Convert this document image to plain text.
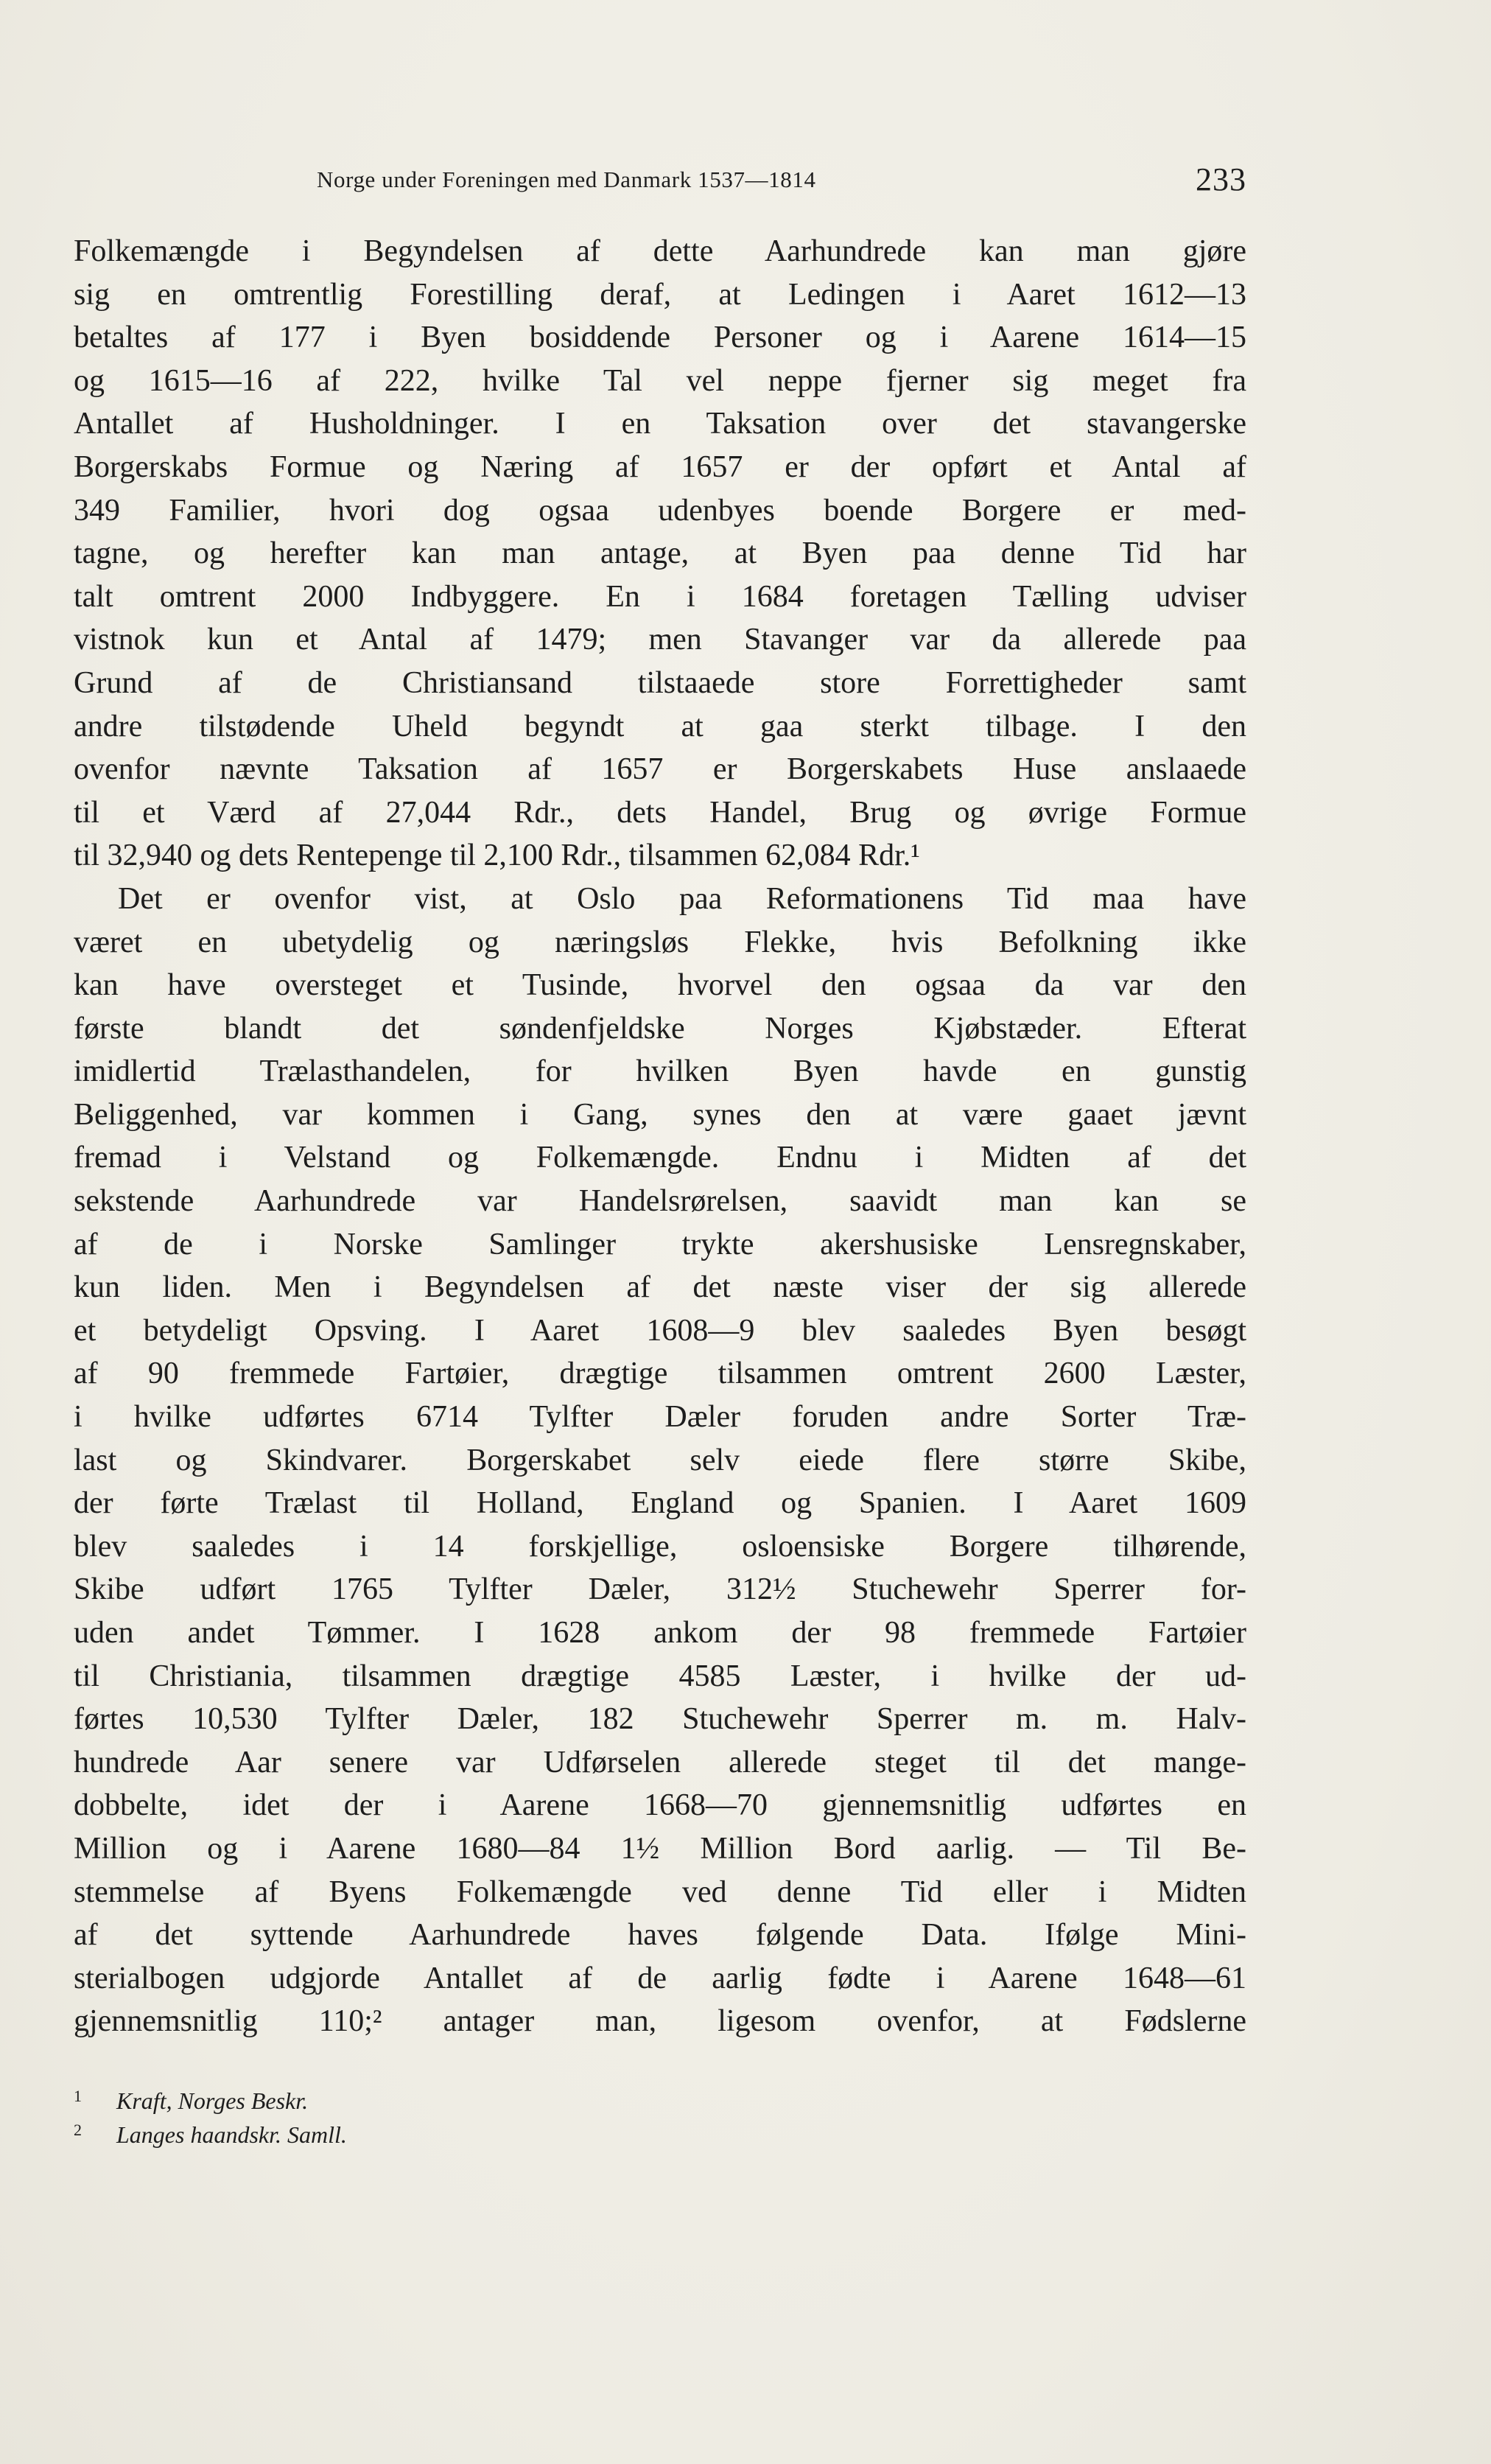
Norge under Foreningen med Danmark 1537—1814	233
Folkemængde i Begyndelsen af dette Aarhundrede kan man gjøre
sig en omtrentlig Forestilling deraf, at Ledingen i Aaret 1612—13
betaltes af 177 i Byen bosiddende Personer og i Aarene 1614—15
og 1615—16 af 222, hvilke Tal vel neppe fjerner sig meget fra
Antallet af Husholdninger. I en Taksation over det stavangerske
Borgerskabs Formue og Næring af 1657 er der opført et Antal af
349 Familier, hvori dog ogsaa udenbyes boende Borgere er med-
tagne, og herefter kan man antage, at Byen paa denne Tid har
talt omtrent 2000 Indbyggere. En i 1684 foretagen Tælling udviser
vistnok kun et Antal af 1479; men Stavanger var da allerede paa
Grund af de Christiansand tilstaaede store Forrettigheder samt
andre tilstødende Uheld begyndt at gaa sterkt tilbage. I den
ovenfor nævnte Taksation af 1657 er Borgerskabets Huse anslaaede
til et Værd af 27,044 Rdr., dets Handel, Brug og øvrige Formue
til 32,940 og dets Rentepenge til 2,100 Rdr., tilsammen 62,084 Rdr.¹
Det er ovenfor vist, at Oslo paa Reformationens Tid maa have
været en ubetydelig og næringsløs Flekke, hvis Befolkning ikke
kan have oversteget et Tusinde, hvorvel den ogsaa da var den
første blandt det søndenfjeldske Norges Kjøbstæder. Efterat
imidlertid Trælasthandelen, for hvilken Byen havde en gunstig
Beliggenhed, var kommen i Gang, synes den at være gaaet jævnt
fremad i Velstand og Folkemængde. Endnu i Midten af det
sekstende Aarhundrede var Handelsrørelsen, saavidt man kan se
af de i Norske Samlinger trykte akershusiske Lensregnskaber,
kun liden. Men i Begyndelsen af det næste viser der sig allerede
et betydeligt Opsving. I Aaret 1608—9 blev saaledes Byen besøgt
af 90 fremmede Fartøier, drægtige tilsammen omtrent 2600 Læster,
i hvilke udførtes 6714 Tylfter Dæler foruden andre Sorter Træ-
last og Skindvarer. Borgerskabet selv eiede flere større Skibe,
der førte Trælast til Holland, England og Spanien. I Aaret 1609
blev saaledes i 14 forskjellige, osloensiske Borgere tilhørende,
Skibe udført 1765 Tylfter Dæler, 312½ Stuchewehr Sperrer for-
uden andet Tømmer. I 1628 ankom der 98 fremmede Fartøier
til Christiania, tilsammen drægtige 4585 Læster, i hvilke der ud-
førtes 10,530 Tylfter Dæler, 182 Stuchewehr Sperrer m. m. Halv-
hundrede Aar senere var Udførselen allerede steget til det mange-
dobbelte, idet der i Aarene 1668—70 gjennemsnitlig udførtes en
Million og i Aarene 1680—84 1½ Million Bord aarlig. — Til Be-
stemmelse af Byens Folkemængde ved denne Tid eller i Midten
af det syttende Aarhundrede haves følgende Data. Ifølge Mini-
sterialbogen udgjorde Antallet af de aarlig fødte i Aarene 1648—61
gjennemsnitlig 110;² antager man, ligesom ovenfor, at Fødslerne
1 Kraft, Norges Beskr.
2 Langes haandskr. Samll.
